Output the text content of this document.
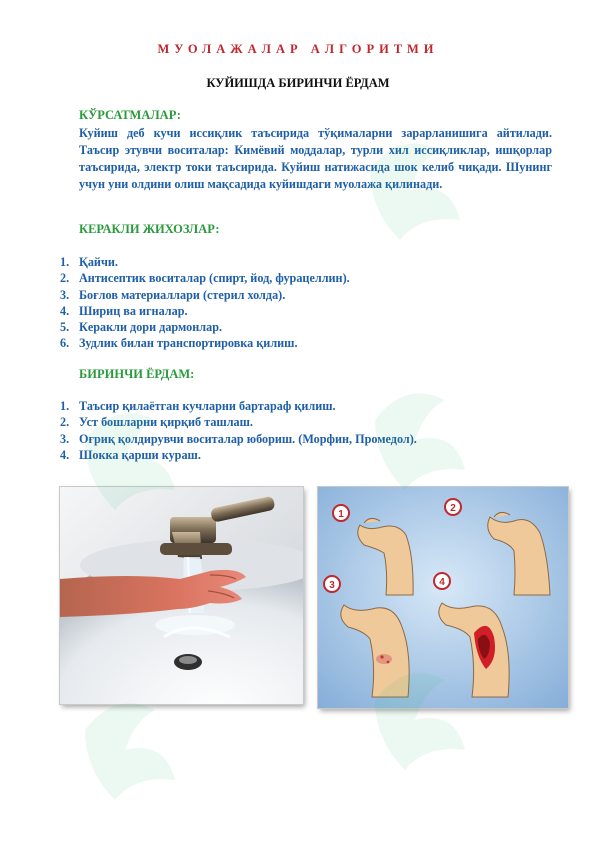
МУОЛАЖАЛАР АЛГОРИТМИ
КУЙИШДА БИРИНЧИ ЁРДАМ
КЎРСАТМАЛАР:

Куйиш деб кучи иссиқлик таъсирида тўқималарни зарарланишига айтилади. Таъсир этувчи воситалар: Кимёвий моддалар, турли хил иссиқликлар, ишқорлар таъсирида, электр токи таъсирида. Куйиш натижасида шок келиб чиқади. Шунинг учун уни олдини олиш мақсадида куйишдаги муолажа қилинади.

КЕРАКЛИ ЖИХОЗЛАР:
1. Қайчи.
2. Антисептик воситалар (спирт, йод, фурацеллин).
3. Боғлов материаллари (стерил холда).
4. Шириц ва игналар.
5. Кeракли дори дармонлар.
6. Зудлик билан транспортировка қилиш.
БИРИНЧИ ЁРДАМ:
1. Таъсир қилаётган кучларни бартараф қилиш.
2. Уст бошларни қирқиб ташлаш.
3. Оғриқ қолдирувчи воситалар юбориш. (Морфин, Промедол).
4. Шокка қарши кураш.
1
2
3	4
